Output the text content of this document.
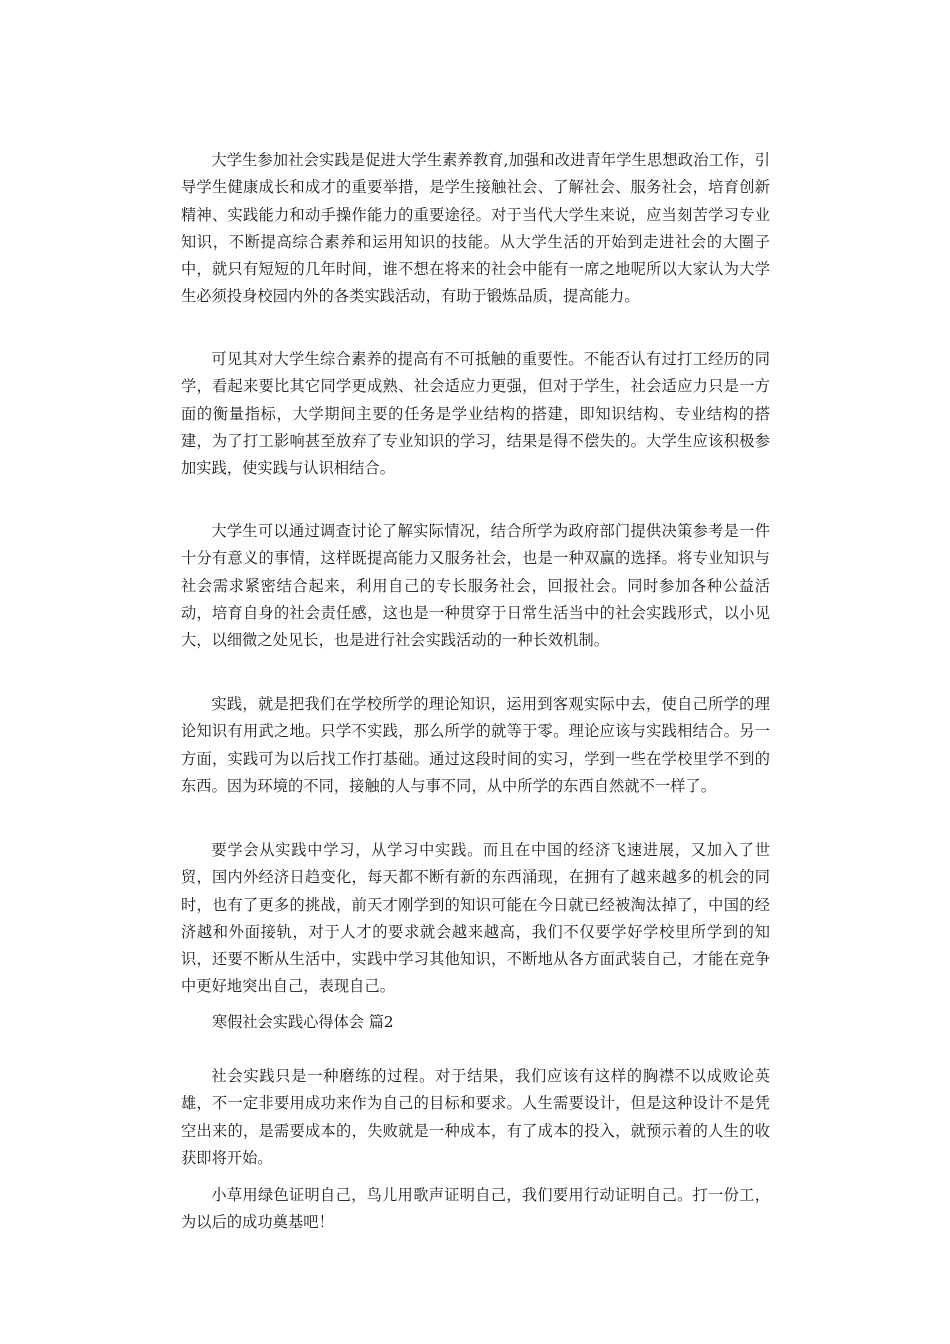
大学生参加社会实践是促进大学生素养教育,加强和改进青年学生思想政治工作，引导学生健康成长和成才的重要举措，是学生接触社会、了解社会、服务社会，培育创新精神、实践能力和动手操作能力的重要途径。对于当代大学生来说，应当刻苦学习专业知识，不断提高综合素养和运用知识的技能。从大学生活的开始到走进社会的大圈子中，就只有短短的几年时间，谁不想在将来的社会中能有一席之地呢所以大家认为大学生必须投身校园内外的各类实践活动，有助于锻炼品质，提高能力。

可见其对大学生综合素养的提高有不可抵触的重要性。不能否认有过打工经历的同学，看起来要比其它同学更成熟、社会适应力更强，但对于学生，社会适应力只是一方面的衡量指标，大学期间主要的任务是学业结构的搭建，即知识结构、专业结构的搭建，为了打工影响甚至放弃了专业知识的学习，结果是得不偿失的。大学生应该积极参加实践，使实践与认识相结合。

大学生可以通过调查讨论了解实际情况，结合所学为政府部门提供决策参考是一件十分有意义的事情，这样既提高能力又服务社会，也是一种双赢的选择。将专业知识与社会需求紧密结合起来，利用自己的专长服务社会，回报社会。同时参加各种公益活动，培育自身的社会责任感，这也是一种贯穿于日常生活当中的社会实践形式，以小见大，以细微之处见长，也是进行社会实践活动的一种长效机制。

实践，就是把我们在学校所学的理论知识，运用到客观实际中去，使自己所学的理论知识有用武之地。只学不实践，那么所学的就等于零。理论应该与实践相结合。另一方面，实践可为以后找工作打基础。通过这段时间的实习，学到一些在学校里学不到的东西。因为环境的不同，接触的人与事不同，从中所学的东西自然就不一样了。

要学会从实践中学习，从学习中实践。而且在中国的经济飞速进展，又加入了世贸，国内外经济日趋变化，每天都不断有新的东西涌现，在拥有了越来越多的机会的同时，也有了更多的挑战，前天才刚学到的知识可能在今日就已经被淘汰掉了，中国的经济越和外面接轨，对于人才的要求就会越来越高，我们不仅要学好学校里所学到的知识，还要不断从生活中，实践中学习其他知识，不断地从各方面武装自己，才能在竞争中更好地突出自己，表现自己。

寒假社会实践心得体会 篇2

社会实践只是一种磨练的过程。对于结果，我们应该有这样的胸襟不以成败论英雄，不一定非要用成功来作为自己的目标和要求。人生需要设计，但是这种设计不是凭空出来的，是需要成本的，失败就是一种成本，有了成本的投入，就预示着的人生的收获即将开始。

小草用绿色证明自己，鸟儿用歌声证明自己，我们要用行动证明自己。打一份工，为以后的成功奠基吧！
